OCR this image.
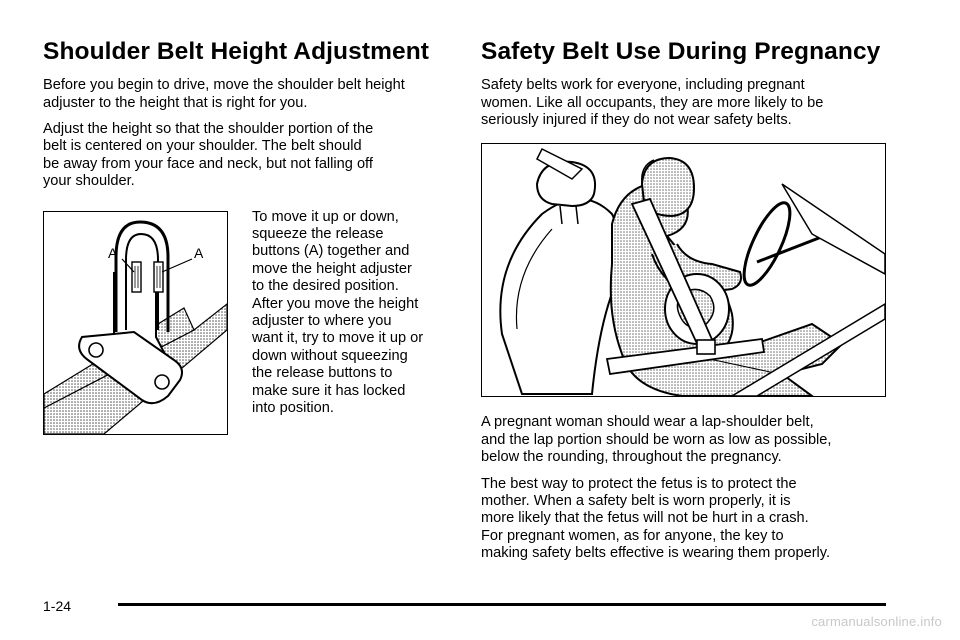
Shoulder Belt Height Adjustment

Before you begin to drive, move the shoulder belt height
adjuster to the height that is right for you.

Adjust the height so that the shoulder portion of the
belt is centered on your shoulder. The belt should
be away from your face and neck, but not falling off
your shoulder.

A	A

To move it up or down,
squeeze the release
buttons (A) together and
move the height adjuster
to the desired position.
After you move the height
adjuster to where you
want it, try to move it up or
down without squeezing
the release buttons to
make sure it has locked
into position.

Safety Belt Use During Pregnancy

Safety belts work for everyone, including pregnant
women. Like all occupants, they are more likely to be
seriously injured if they do not wear safety belts.

A pregnant woman should wear a lap-shoulder belt,
and the lap portion should be worn as low as possible,
below the rounding, throughout the pregnancy.

The best way to protect the fetus is to protect the
mother. When a safety belt is worn properly, it is
more likely that the fetus will not be hurt in a crash.
For pregnant women, as for anyone, the key to
making safety belts effective is wearing them properly.

1-24
carmanualsonline.info
